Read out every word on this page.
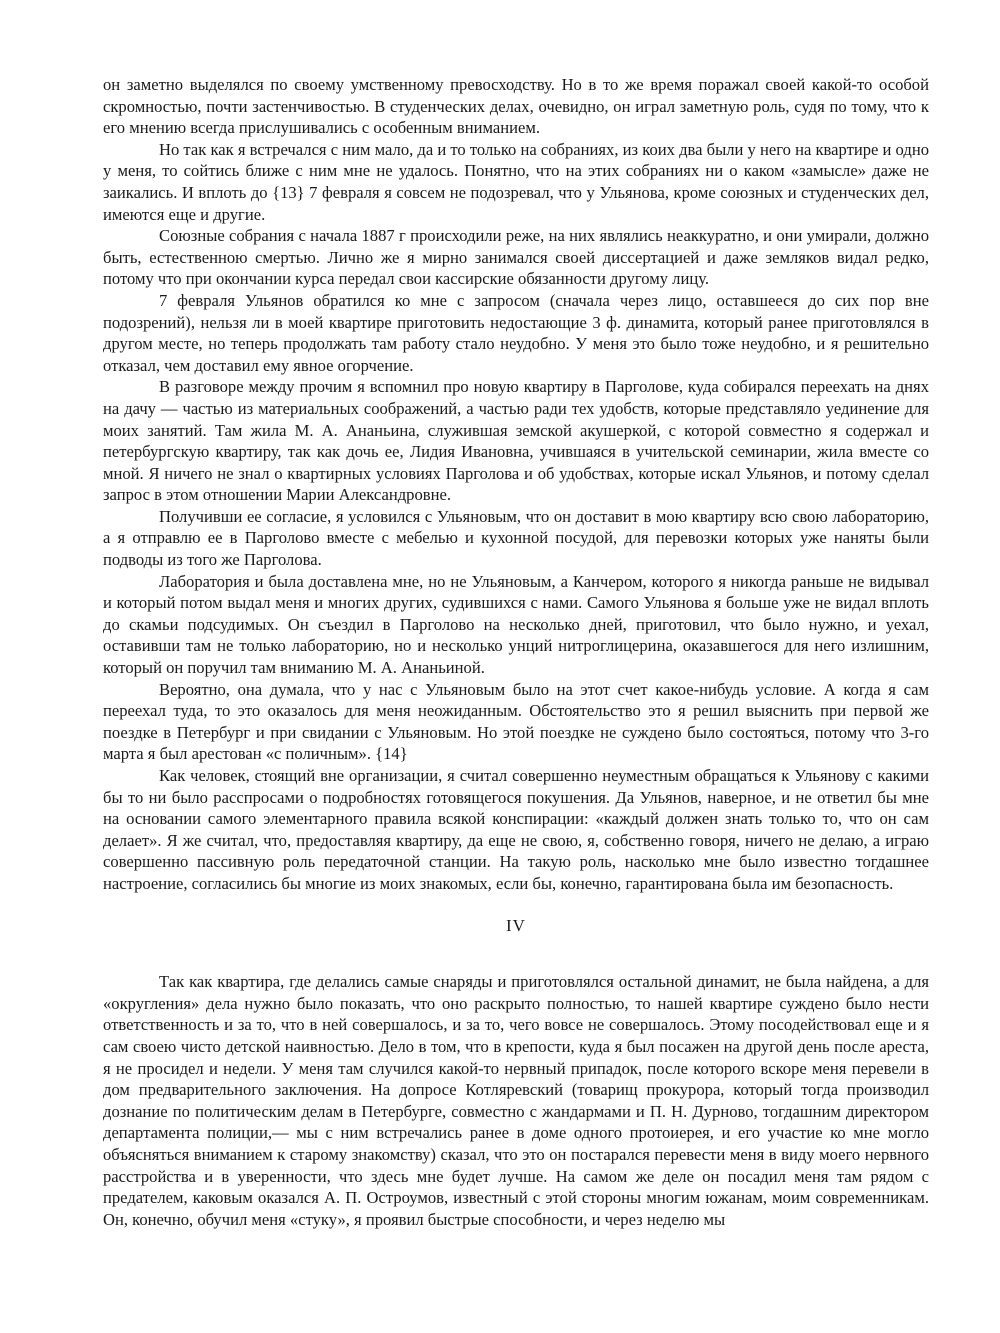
он заметно выделялся по своему умственному превосходству. Но в то же время поражал своей какой-то особой скромностью, почти застенчивостью. В студенческих делах, очевидно, он играл заметную роль, судя по тому, что к его мнению всегда прислушивались с особенным вниманием.

Но так как я встречался с ним мало, да и то только на собраниях, из коих два были у него на квартире и одно у меня, то сойтись ближе с ним мне не удалось. Понятно, что на этих собраниях ни о каком «замысле» даже не заикались. И вплоть до {13} 7 февраля я совсем не подозревал, что у Ульянова, кроме союзных и студенческих дел, имеются еще и другие.

Союзные собрания с начала 1887 г происходили реже, на них являлись неаккуратно, и они умирали, должно быть, естественною смертью. Лично же я мирно занимался своей диссертацией и даже земляков видал редко, потому что при окончании курса передал свои кассирские обязанности другому лицу.

7 февраля Ульянов обратился ко мне с запросом (сначала через лицо, оставшееся до сих пор вне подозрений), нельзя ли в моей квартире приготовить недостающие 3 ф. динамита, который ранее приготовлялся в другом месте, но теперь продолжать там работу стало неудобно. У меня это было тоже неудобно, и я решительно отказал, чем доставил ему явное огорчение.

В разговоре между прочим я вспомнил про новую квартиру в Парголове, куда собирался переехать на днях на дачу — частью из материальных соображений, а частью ради тех удобств, которые представляло уединение для моих занятий. Там жила М. А. Ананьина, служившая земской акушеркой, с которой совместно я содержал и петербургскую квартиру, так как дочь ее, Лидия Ивановна, учившаяся в учительской семинарии, жила вместе со мной. Я ничего не знал о квартирных условиях Парголова и об удобствах, которые искал Ульянов, и потому сделал запрос в этом отношении Марии Александровне.

Получивши ее согласие, я условился с Ульяновым, что он доставит в мою квартиру всю свою лабораторию, а я отправлю ее в Парголово вместе с мебелью и кухонной посудой, для перевозки которых уже наняты были подводы из того же Парголова.

Лаборатория и была доставлена мне, но не Ульяновым, а Канчером, которого я никогда раньше не видывал и который потом выдал меня и многих других, судившихся с нами. Самого Ульянова я больше уже не видал вплоть до скамьи подсудимых. Он съездил в Парголово на несколько дней, приготовил, что было нужно, и уехал, оставивши там не только лабораторию, но и несколько унций нитроглицерина, оказавшегося для него излишним, который он поручил там вниманию М. А. Ананьиной.

Вероятно, она думала, что у нас с Ульяновым было на этот счет какое-нибудь условие. А когда я сам переехал туда, то это оказалось для меня неожиданным. Обстоятельство это я решил выяснить при первой же поездке в Петербург и при свидании с Ульяновым. Но этой поездке не суждено было состояться, потому что 3-го марта я был арестован «с поличным». {14}

Как человек, стоящий вне организации, я считал совершенно неуместным обращаться к Ульянову с какими бы то ни было расспросами о подробностях готовящегося покушения. Да Ульянов, наверное, и не ответил бы мне на основании самого элементарного правила всякой конспирации: «каждый должен знать только то, что он сам делает». Я же считал, что, предоставляя квартиру, да еще не свою, я, собственно говоря, ничего не делаю, а играю совершенно пассивную роль передаточной станции. На такую роль, насколько мне было известно тогдашнее настроение, согласились бы многие из моих знакомых, если бы, конечно, гарантирована была им безопасность.

IV

Так как квартира, где делались самые снаряды и приготовлялся остальной динамит, не была найдена, а для «округления» дела нужно было показать, что оно раскрыто полностью, то нашей квартире суждено было нести ответственность и за то, что в ней совершалось, и за то, чего вовсе не совершалось. Этому посодействовал еще и я сам своею чисто детской наивностью. Дело в том, что в крепости, куда я был посажен на другой день после ареста, я не просидел и недели. У меня там случился какой-то нервный припадок, после которого вскоре меня перевели в дом предварительного заключения. На допросе Котляревский (товарищ прокурора, который тогда производил дознание по политическим делам в Петербурге, совместно с жандармами и П. Н. Дурново, тогдашним директором департамента полиции,— мы с ним встречались ранее в доме одного протоиерея, и его участие ко мне могло объясняться вниманием к старому знакомству) сказал, что это он постарался перевести меня в виду моего нервного расстройства и в уверенности, что здесь мне будет лучше. На самом же деле он посадил меня там рядом с предателем, каковым оказался А. П. Остроумов, известный с этой стороны многим южанам, моим современникам. Он, конечно, обучил меня «стуку», я проявил быстрые способности, и через неделю мы
